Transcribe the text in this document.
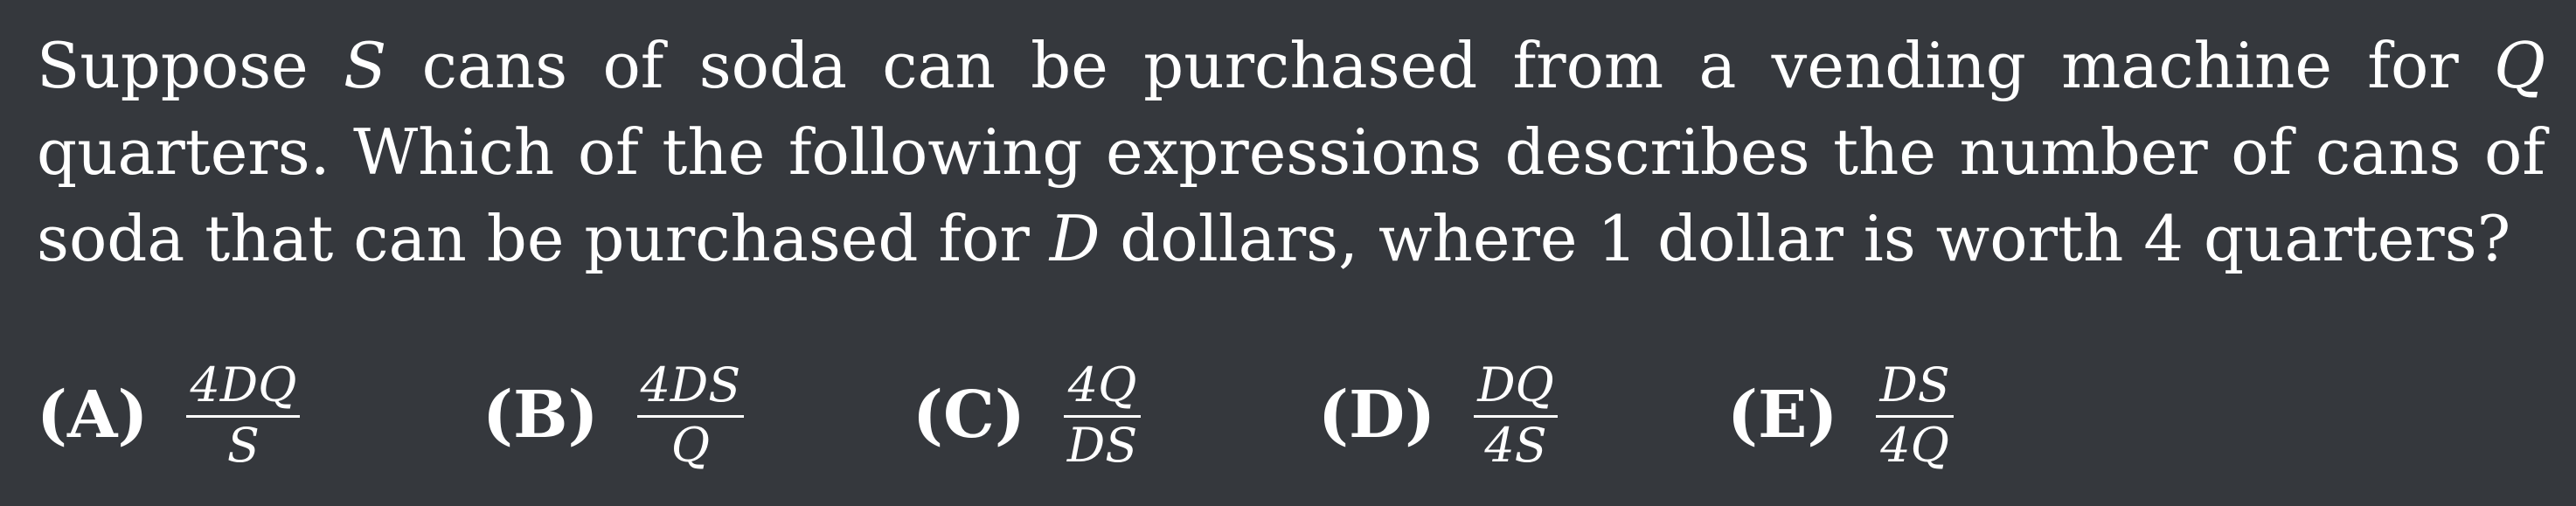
Suppose S cans of soda can be purchased from a vending machine for Q
quarters. Which of the following expressions describes the number of cans of
soda that can be purchased for D dollars, where 1 dollar is worth 4 quarters?
$(A) \frac{4DQ}{S}$	$(B) \frac{4DS}{Q}$	$(C) \frac{4Q}{DS}$	$(D) \frac{DQ}{4S}$	$(E) \frac{DS}{4Q}$
